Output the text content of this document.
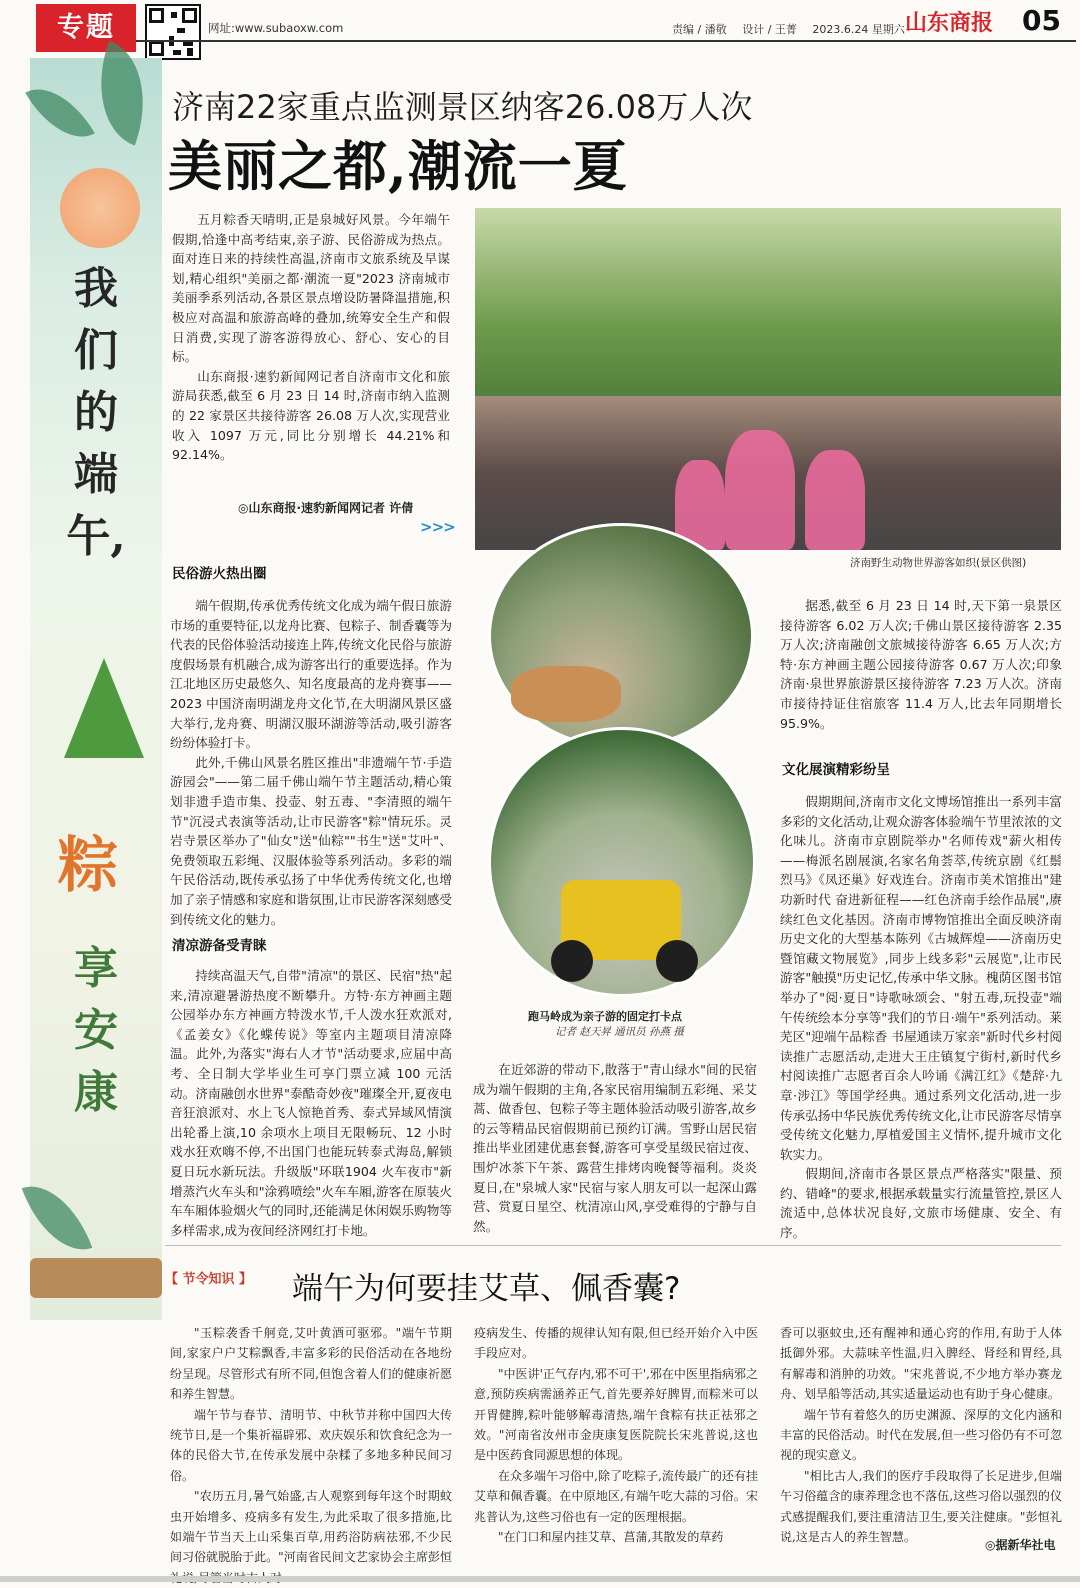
专题	网址:www.subaoxw.com	责编 / 潘敬 设计 / 王菁 2023.6.24 星期六 山东商报 05
我
们
的
端
午,
粽
享
安
康
济南22家重点监测景区纳客26.08万人次
美丽之都,潮流一夏

五月粽香天晴明,正是泉城好风景。今年端午假期,恰逢中高考结束,亲子游、民俗游成为热点。面对连日来的持续性高温,济南市文旅系统及早谋划,精心组织"美丽之都·潮流一夏"2023 济南城市美丽季系列活动,各景区景点增设防暑降温措施,积极应对高温和旅游高峰的叠加,统筹安全生产和假日消费,实现了游客游得放心、舒心、安心的目标。

山东商报·速豹新闻网记者自济南市文化和旅游局获悉,截至 6 月 23 日 14 时,济南市纳入监测的 22 家景区共接待游客 26.08 万人次,实现营业收入 1097 万元,同比分别增长 44.21%和92.14%。

◎山东商报·速豹新闻网记者 许倩
>>>
济南野生动物世界游客如织(景区供图)
民俗游火热出圈

端午假期,传承优秀传统文化成为端午假日旅游市场的重要特征,以龙舟比赛、包粽子、制香囊等为代表的民俗体验活动接连上阵,传统文化民俗与旅游度假场景有机融合,成为游客出行的重要选择。作为江北地区历史最悠久、知名度最高的龙舟赛事——2023 中国济南明湖龙舟文化节,在大明湖风景区盛大举行,龙舟赛、明湖汉服环湖游等活动,吸引游客纷纷体验打卡。

此外,千佛山风景名胜区推出"非遗端午节·手造游园会"——第二届千佛山端午节主题活动,精心策划非遗手造市集、投壶、射五毒、"李清照的端午节"沉浸式表演等活动,让市民游客"粽"情玩乐。灵岩寺景区举办了"仙女"送"仙粽""书生"送"艾叶"、免费领取五彩绳、汉服体验等系列活动。多彩的端午民俗活动,既传承弘扬了中华优秀传统文化,也增加了亲子情感和家庭和谐氛围,让市民游客深刻感受到传统文化的魅力。

清凉游备受青睐

持续高温天气,自带"清凉"的景区、民宿"热"起来,清凉避暑游热度不断攀升。方特·东方神画主题公园举办东方神画方特泼水节,千人泼水狂欢派对,《孟姜女》《化蝶传说》等室内主题项目清凉降温。此外,为落实"海右人才节"活动要求,应届中高考、全日制大学毕业生可享门票立减 100 元活动。济南融创水世界"泰酷奇妙夜"璀璨全开,夏夜电音狂浪派对、水上飞人惊艳首秀、泰式异域风情演出轮番上演,10 余项水上项目无限畅玩、12 小时戏水狂欢嗨不停,不出国门也能玩转泰式海岛,解锁夏日玩水新玩法。升级版"环联1904 火车夜市"新增蒸汽火车头和"涂鸦喷绘"火车车厢,游客在原装火车车厢体验烟火气的同时,还能满足休闲娱乐购物等多样需求,成为夜间经济网红打卡地。

跑马岭成为亲子游的固定打卡点
记者 赵天昇 通讯员 孙燕 摄

在近郊游的带动下,散落于"青山绿水"间的民宿成为端午假期的主角,各家民宿用编制五彩绳、采艾蒿、做香包、包粽子等主题体验活动吸引游客,故乡的云等精品民宿假期前已预约订满。雪野山居民宿推出毕业团建优惠套餐,游客可享受星级民宿过夜、围炉冰茶下午茶、露营生排烤肉晚餐等福利。炎炎夏日,在"泉城人家"民宿与家人朋友可以一起深山露营、赏夏日星空、枕清凉山风,享受难得的宁静与自然。

据悉,截至 6 月 23 日 14 时,天下第一泉景区接待游客 6.02 万人次;千佛山景区接待游客 2.35 万人次;济南融创文旅城接待游客 6.65 万人次;方特·东方神画主题公园接待游客 0.67 万人次;印象济南·泉世界旅游景区接待游客 7.23 万人次。济南市接待持证住宿旅客 11.4 万人,比去年同期增长 95.9%。

文化展演精彩纷呈

假期期间,济南市文化文博场馆推出一系列丰富多彩的文化活动,让观众游客体验端午节里浓浓的文化味儿。济南市京剧院举办"名师传戏"薪火相传——梅派名剧展演,名家名角荟萃,传统京剧《红鬃烈马》《凤还巢》好戏连台。济南市美术馆推出"建功新时代 奋进新征程——红色济南手绘作品展",赓续红色文化基因。济南市博物馆推出全面反映济南历史文化的大型基本陈列《古城辉煌——济南历史暨馆藏文物展览》,同步上线多彩"云展览",让市民游客"触摸"历史记忆,传承中华文脉。槐荫区图书馆举办了"阅·夏日"诗歌咏颂会、"射五毒,玩投壶"端午传统绘本分享等"我们的节日·端午"系列活动。莱芜区"迎端午品粽香 书屋通读万家亲"新时代乡村阅读推广志愿活动,走进大王庄镇复宁街村,新时代乡村阅读推广志愿者百余人吟诵《满江红》《楚辞·九章·涉江》等国学经典。通过系列文化活动,进一步传承弘扬中华民族优秀传统文化,让市民游客尽情享受传统文化魅力,厚植爱国主义情怀,提升城市文化软实力。

假期间,济南市各景区景点严格落实"限量、预约、错峰"的要求,根据承载量实行流量管控,景区人流适中,总体状况良好,文旅市场健康、安全、有序。

【 节令知识 】 端午为何要挂艾草、佩香囊?

"玉粽袭香千舸竞,艾叶黄酒可驱邪。"端午节期间,家家户户艾粽飘香,丰富多彩的民俗活动在各地纷纷呈现。尽管形式有所不同,但饱含着人们的健康祈愿和养生智慧。

端午节与春节、清明节、中秋节并称中国四大传统节日,是一个集祈福辟邪、欢庆娱乐和饮食纪念为一体的民俗大节,在传承发展中杂糅了多地多种民间习俗。

"农历五月,暑气始盛,古人观察到每年这个时期蚊虫开始增多、疫病多有发生,为此采取了很多措施,比如端午节当天上山采集百草,用药浴防病祛邪,不少民间习俗就脱胎于此。"河南省民间文艺家协会主席彭恒

疫病发生、传播的规律认知有限,但已经开始介入中医手段应对。

"中医讲'正气存内,邪不可干',邪在中医里指病邪之意,预防疾病需涵养正气,首先要养好脾胃,而粽米可以开胃健脾,粽叶能够解毒清热,端午食粽有扶正祛邪之效。"河南省汝州市金庚康复医院院长宋兆普说,这也是中医药食同源思想的体现。

在众多端午习俗中,除了吃粽子,流传最广的还有挂艾草和佩香囊。在中原地区,有端午吃大蒜的习俗。宋兆普认为,这些习俗也有一定的医理根据。

"在门口和屋内挂艾草、菖蒲,其散发的草药

香可以驱蚊虫,还有醒神和通心窍的作用,有助于人体抵御外邪。大蒜味辛性温,归入脾经、肾经和胃经,具有解毒和消肿的功效。"宋兆普说,不少地方举办赛龙舟、划旱船等活动,其实适量运动也有助于身心健康。

端午节有着悠久的历史渊源、深厚的文化内涵和丰富的民俗活动。时代在发展,但一些习俗仍有不可忽视的现实意义。

"相比古人,我们的医疗手段取得了长足进步,但端午习俗蕴含的康养理念也不落伍,这些习俗以强烈的仪式感提醒我们,要注重清洁卫生,要关注健康。"彭恒礼说,这是古人的养生智慧。

◎据新华社电
